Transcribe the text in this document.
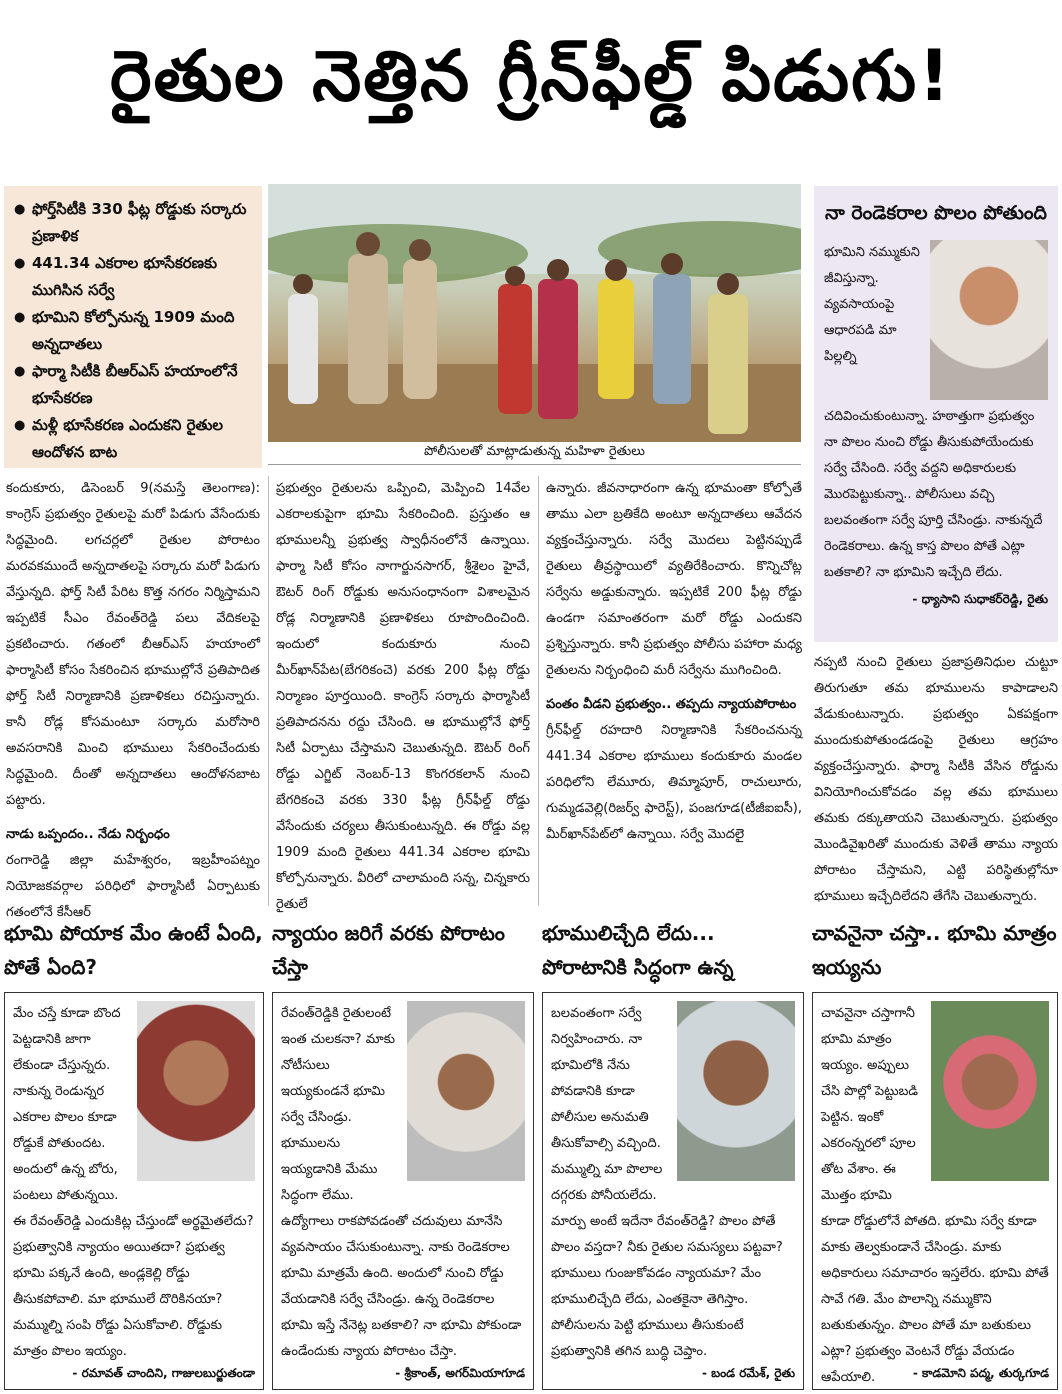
రైతుల నెత్తిన గ్రీన్‌ఫీల్డ్ పిడుగు!
● ఫోర్త్‌సిటీకి 330 ఫీట్ల రోడ్డుకు సర్కారు ప్రణాళిక
● 441.34 ఎకరాల భూసేకరణకు ముగిసిన సర్వే
● భూమిని కోల్పోనున్న 1909 మంది అన్నదాతలు
● ఫార్మా సిటీకి బీఆర్‌ఎస్ హయాంలోనే భూసేకరణ
● మళ్లీ భూసేకరణ ఎందుకని రైతుల ఆందోళన బాట	పోలీసులతో మాట్లాడుతున్న మహిళా రైతులు
నా రెండెకరాల పొలం పోతుంది
భూమిని నమ్ముకుని జీవిస్తున్నా. వ్యవసాయంపై ఆధారపడి మా పిల్లల్ని చదివించుకుంటున్నా. హఠాత్తుగా ప్రభుత్వం నా పొలం నుంచి రోడ్డు తీసుకుపోయేందుకు సర్వే చేసింది. సర్వే వద్దని అధికారులకు మొరపెట్టుకున్నా.. పోలీసులు వచ్చి బలవంతంగా సర్వే పూర్తి చేసిండ్రు. నాకున్నదే రెండెకరాలు. ఉన్న కాస్త పొలం పోతే ఎట్లా బతకాలి? నా భూమిని ఇచ్చేది లేదు.
- ధ్యాసాని సుధాకర్‌రెడ్డి, రైతు

కందుకూరు, డిసెంబర్ 9(నమస్తే తెలంగాణ): కాంగ్రెస్ ప్రభుత్వం రైతులపై మరో పిడుగు వేసేందుకు సిద్ధమైంది. లగచర్లలో రైతుల పోరాటం మరవకముందే అన్నదాతలపై సర్కారు మరో పిడుగు వేస్తున్నది. ఫోర్త్ సిటీ పేరిట కొత్త నగరం నిర్మిస్తామని ఇప్పటికే సీఎం రేవంత్‌రెడ్డి పలు వేదికలపై ప్రకటించారు. గతంలో బీఆర్‌ఎస్ హయాంలో ఫార్మాసిటీ కోసం సేకరించిన భూముల్లోనే ప్రతిపాదిత ఫోర్త్ సిటీ నిర్మాణానికి ప్రణాళికలు రచిస్తున్నారు. కానీ రోడ్ల కోసమంటూ సర్కారు మరోసారి అవసరానికి మించి భూములు సేకరించేందుకు సిద్ధమైంది. దీంతో అన్నదాతలు ఆందోళనబాట పట్టారు.

నాడు ఒప్పందం.. నేడు నిర్బంధం

రంగారెడ్డి జిల్లా మహేశ్వరం, ఇబ్రహీంపట్నం నియోజకవర్గాల పరిధిలో ఫార్మాసిటీ ఏర్పాటుకు గతంలోనే కేసీఆర్

ప్రభుత్వం రైతులను ఒప్పించి, మెప్పించి 14వేల ఎకరాలకుపైగా భూమి సేకరించింది. ప్రస్తుతం ఆ భూములన్నీ ప్రభుత్వ స్వాధీనంలోనే ఉన్నాయి. ఫార్మా సిటీ కోసం నాగార్జునసాగర్, శ్రీశైలం హైవే, ఔటర్ రింగ్ రోడ్డుకు అనుసంధానంగా విశాలమైన రోడ్ల నిర్మాణానికి ప్రణాళికలు రూపొందించింది. ఇందులో కందుకూరు నుంచి మీర్‌ఖాన్‌పేట(బేగరికంచె) వరకు 200 ఫీట్ల రోడ్డు నిర్మాణం పూర్తయింది. కాంగ్రెస్ సర్కారు ఫార్మాసిటీ ప్రతిపాదనను రద్దు చేసింది. ఆ భూముల్లోనే ఫోర్త్ సిటీ ఏర్పాటు చేస్తామని చెబుతున్నది. ఔటర్ రింగ్ రోడ్డు ఎగ్జిట్ నెంబర్-13 కొంగరకలాన్ నుంచి బేగరికంచె వరకు 330 ఫీట్ల గ్రీన్‌ఫీల్డ్ రోడ్డు వేసేందుకు చర్యలు తీసుకుంటున్నది. ఈ రోడ్డు వల్ల 1909 మంది రైతులు 441.34 ఎకరాల భూమి కోల్పోనున్నారు. వీరిలో చాలామంది సన్న, చిన్నకారు రైతులే

ఉన్నారు. జీవనాధారంగా ఉన్న భూమంతా కోల్పోతే తాము ఎలా బ్రతికేది అంటూ అన్నదాతలు ఆవేదన వ్యక్తంచేస్తున్నారు. సర్వే మొదలు పెట్టినప్పుడే రైతులు తీవ్రస్థాయిలో వ్యతిరేకించారు. కొన్నిచోట్ల సర్వేను అడ్డుకున్నారు. ఇప్పటికే 200 ఫీట్ల రోడ్డు ఉండగా సమాంతరంగా మరో రోడ్డు ఎందుకని ప్రశ్నిస్తున్నారు. కానీ ప్రభుత్వం పోలీసు పహారా మధ్య రైతులను నిర్బంధించి మరీ సర్వేను ముగించింది.

పంతం వీడని ప్రభుత్వం.. తప్పదు న్యాయపోరాటం

గ్రీన్‌ఫీల్డ్ రహదారి నిర్మాణానికి సేకరించనున్న 441.34 ఎకరాల భూములు కందుకూరు మండల పరిధిలోని లేమూరు, తిమ్మాపూర్, రాచులూరు, గుమ్మడవెల్లి(రిజర్వ్ ఫారెస్ట్), పంజగూడ(టీజీఐఐసీ), మీర్‌ఖాన్‌పేట్‌లో ఉన్నాయి. సర్వే మొదలైె

నప్పటి నుంచి రైతులు ప్రజాప్రతినిధుల చుట్టూ తిరుగుతూ తమ భూములను కాపాడాలని వేడుకుంటున్నారు. ప్రభుత్వం ఏకపక్షంగా ముందుకుపోతుండడంపై రైతులు ఆగ్రహం వ్యక్తంచేస్తున్నారు. ఫార్మా సిటీకి వేసిన రోడ్డును వినియోగించుకోవడం వల్ల తమ భూములు తమకు దక్కుతాయని చెబుతున్నారు. ప్రభుత్వం మొండివైఖరితో ముందుకు వెళితే తాము న్యాయ పోరాటం చేస్తామని, ఎట్టి పరిస్థితుల్లోనూ భూములు ఇచ్చేదిలేదని తేగేసి చెబుతున్నారు.

భూమి పోయాక మేం ఉంటే ఏంది, పోతే ఏంది?
మేం చస్తే కూడా బొంద పెట్టడానికి జాగా లేకుండా చేస్తున్నరు. నాకున్న రెండున్నర ఎకరాల పొలం కూడా రోడ్డుకే పోతుందట. అందులో ఉన్న బోరు, పంటలు పోతున్నయి. ఈ రేవంత్‌రెడ్డి ఎందుకిట్ల చేస్తుండో అర్థమైతలేదు? ప్రభుత్వానికి న్యాయం అయితదా? ప్రభుత్వ భూమి పక్కనే ఉంది, అండ్లకెల్లి రోడ్డు తీసుకపోవాలి. మా భూములే దొరికినయా? మమ్ముల్ని సంపి రోడ్డు ఏసుకోవాలి. రోడ్డుకు మాత్రం పొలం ఇయ్యం.
- రమావత్ చాందిని, గాజులబుర్జుతండా
న్యాయం జరిగే వరకు పోరాటం చేస్తా
రేవంత్‌రెడ్డికి రైతులంటే ఇంత చులకనా? మాకు నోటీసులు ఇయ్యకుండనే భూమి సర్వే చేసిండ్రు. భూములను ఇయ్యడానికి మేము సిద్ధంగా లేము. ఉద్యోగాలు రాకపోవడంతో చదువులు మానేసి వ్యవసాయం చేసుకుంటున్నా. నాకు రెండెకరాల భూమి మాత్రమే ఉంది. అందులో నుంచి రోడ్డు వేయడానికి సర్వే చేసిండ్రు. ఉన్న రెండెకరాల భూమి ఇస్తే నేనెట్ల బతకాలి? నా భూమి పోకుండా ఉండేందుకు న్యాయ పోరాటం చేస్తా.
- శ్రీకాంత్, అగర్‌మియాగూడ
భూములిచ్చేది లేదు... పోరాటానికి సిద్ధంగా ఉన్న
బలవంతంగా సర్వే నిర్వహించారు. నా భూమిలోకి నేను పోవడానికి కూడా పోలీసుల అనుమతి తీసుకోవాల్సి వచ్చింది. మమ్ముల్ని మా పొలాల దగ్గరకు పోనీయలేదు. మార్పు అంటే ఇదేనా రేవంత్‌రెడ్డి? పొలం పోతే పొలం వస్తదా? నీకు రైతుల సమస్యలు పట్టవా? భూములు గుంజుకోవడం న్యాయమా? మేం భూములిచ్చేది లేదు, ఎంతకైనా తెగిస్తాం. పోలీసులను పెట్టి భూములు తీసుకుంటే ప్రభుత్వానికి తగిన బుద్ధి చెప్తాం.
- బండ రమేశ్, రైతు
చావనైనా చస్తా.. భూమి మాత్రం ఇయ్యను
చావనైనా చస్తాగానీ భూమి మాత్రం ఇయ్యం. అప్పులు చేసి పొల్లో పెట్టుబడి పెట్టిన. ఇంకో ఎకరంన్నరలో పూల తోట వేశాం. ఈ మొత్తం భూమి కూడా రోడ్డులోనే పోతది. భూమి సర్వే కూడా మాకు తెల్వకుండానే చేసిండ్రు. మాకు అధికారులు సమాచారం ఇస్తలేరు. భూమి పోతే సావే గతి. మేం పొలాన్ని నమ్ముకొని బతుకుతున్నం. పొలం పోతే మా బతుకులు ఎట్లా? ప్రభుత్వం వెంటనే రోడ్డు వేయడం ఆపేయాలి.	- కాడమోని పద్మ, తుర్కగూడ
